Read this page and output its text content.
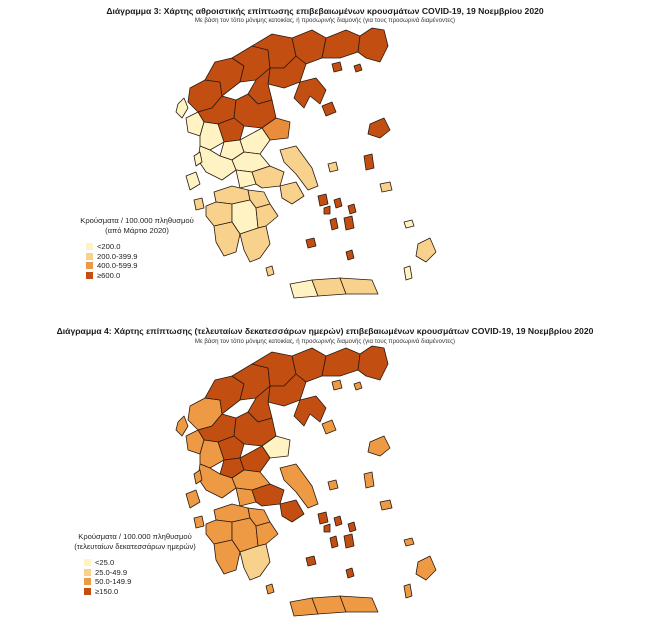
Διάγραμμα 3: Χάρτης αθροιστικής επίπτωσης επιβεβαιωμένων κρουσμάτων COVID-19, 19 Νοεμβρίου 2020
Με βάση τον τόπο μόνιμης κατοικίας, ή προσωρινής διαμονής (για τους προσωρινά διαμένοντες)
Κρούσματα / 100.000 πληθυσμού
(από Μάρτιο 2020)
<200.0
200.0-399.9
400.0-599.9
≥600.0
Διάγραμμα 4: Χάρτης επίπτωσης (τελευταίων δεκατεσσάρων ημερών) επιβεβαιωμένων κρουσμάτων COVID-19, 19 Νοεμβρίου 2020
Με βάση τον τόπο μόνιμης κατοικίας, ή προσωρινής διαμονής (για τους προσωρινά διαμένοντες)
Κρούσματα / 100.000 πληθυσμού
(τελευταίων δεκατεσσάρων ημερών)
<25.0
25.0-49.9
50.0-149.9
≥150.0
